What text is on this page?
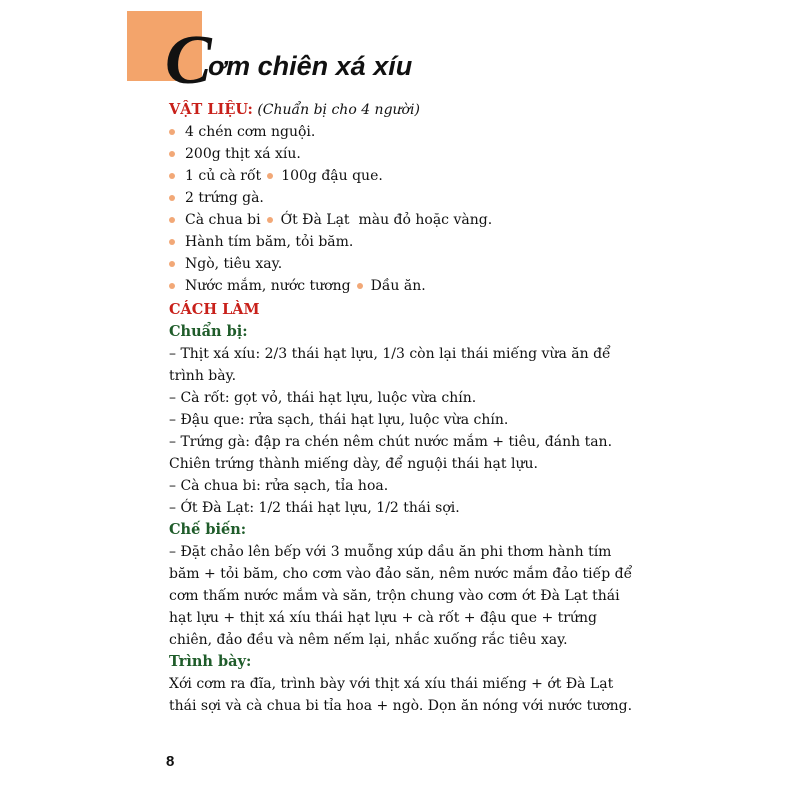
C
ơm chiên xá xíu
VẬT LIỆU: (Chuẩn bị cho 4 người)
4 chén cơm nguội.
200g thịt xá xíu.
1 củ cà rốt 100g đậu que.
2 trứng gà.
Cà chua bi Ớt Đà Lạt  màu đỏ hoặc vàng.
Hành tím băm, tỏi băm.
Ngò, tiêu xay.
Nước mắm, nước tương Dầu ăn.
CÁCH LÀM
Chuẩn bị:

– Thịt xá xíu: 2/3 thái hạt lựu, 1/3 còn lại thái miếng vừa ăn để trình bày.

– Cà rốt: gọt vỏ, thái hạt lựu, luộc vừa chín.

– Đậu que: rửa sạch, thái hạt lựu, luộc vừa chín.

– Trứng gà: đập ra chén nêm chút nước mắm + tiêu, đánh tan. Chiên trứng thành miếng dày, để nguội thái hạt lựu.

– Cà chua bi: rửa sạch, tỉa hoa.

– Ớt Đà Lạt: 1/2 thái hạt lựu, 1/2 thái sợi.

Chế biến:

– Đặt chảo lên bếp với 3 muỗng xúp dầu ăn phi thơm hành tím băm + tỏi băm, cho cơm vào đảo săn, nêm nước mắm đảo tiếp để cơm thấm nước mắm và săn, trộn chung vào cơm ớt Đà Lạt thái hạt lựu + thịt xá xíu thái hạt lựu + cà rốt + đậu que + trứng chiên, đảo đều và nêm nếm lại, nhắc xuống rắc tiêu xay.

Trình bày:

Xới cơm ra đĩa, trình bày với thịt xá xíu thái miếng + ớt Đà Lạt thái sợi và cà chua bi tỉa hoa + ngò. Dọn ăn nóng với nước tương.

8
